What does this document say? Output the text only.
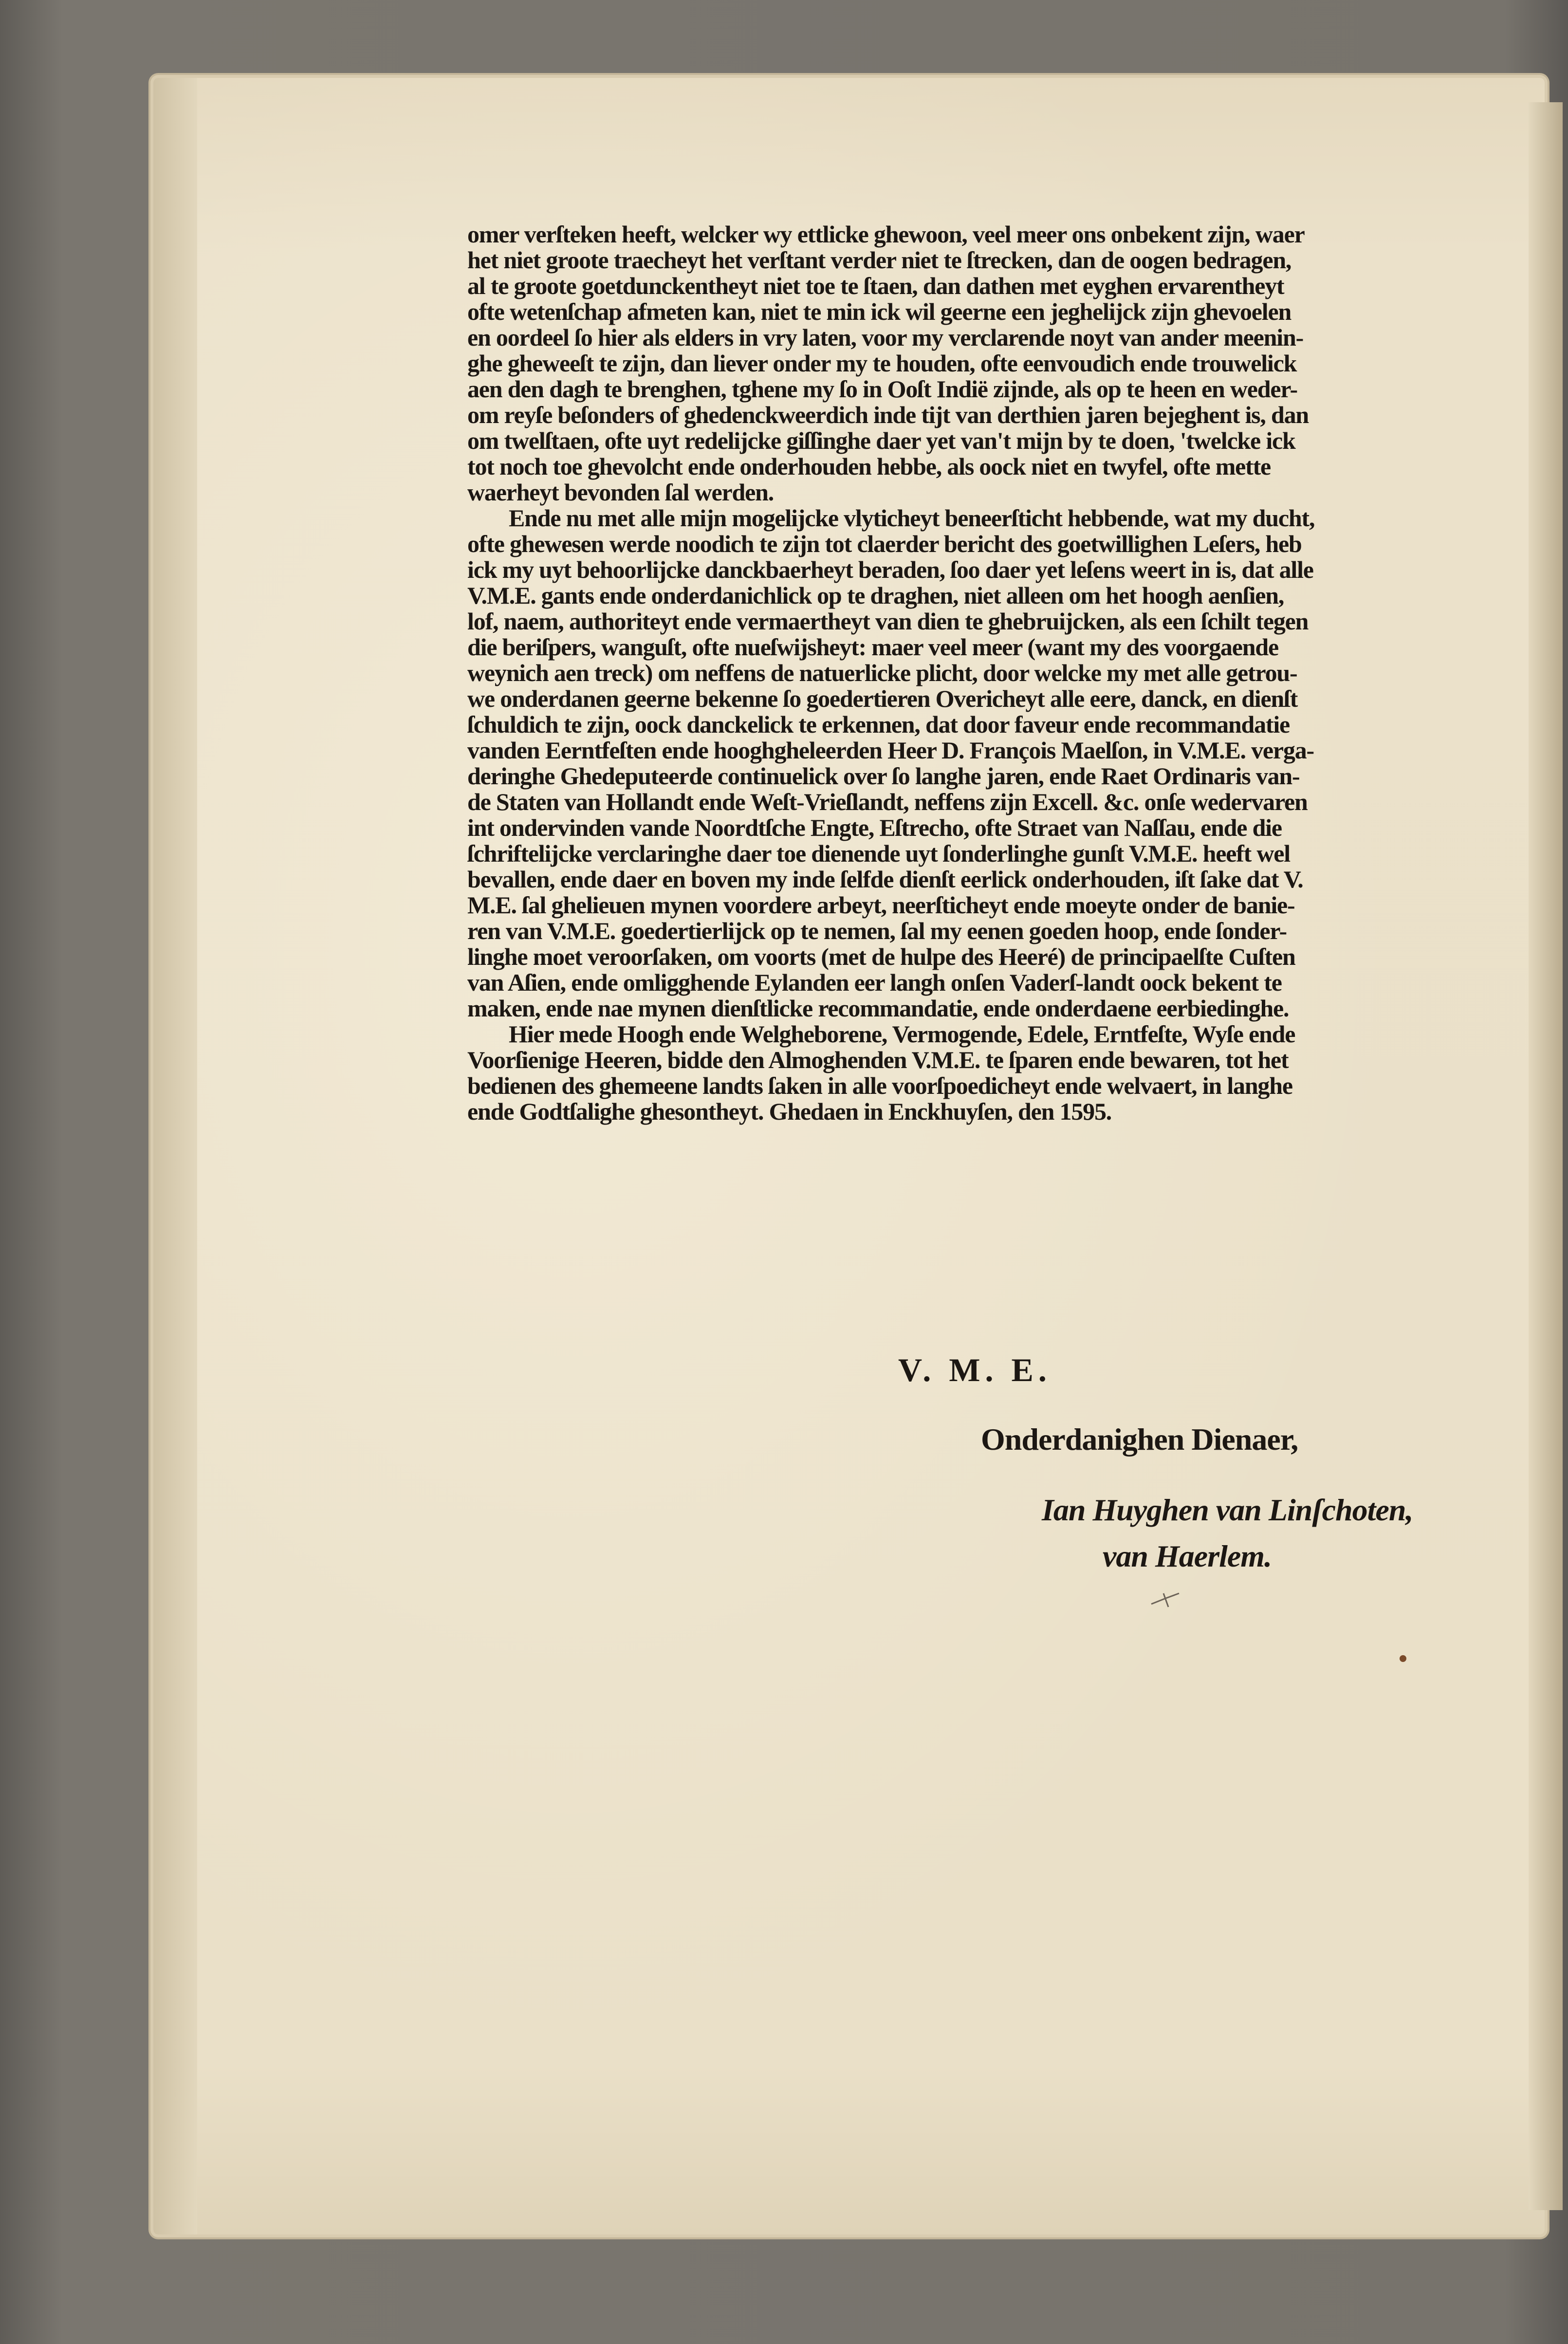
omer verſteken heeft, welcker wy ettlicke ghewoon, veel meer ons onbekent zijn, waer
het niet groote traecheyt het verſtant verder niet te ſtrecken, dan de oogen bedragen,
al te groote goetdunckentheyt niet toe te ſtaen, dan dathen met eyghen ervarentheyt
ofte wetenſchap afmeten kan, niet te min ick wil geerne een jeghelijck zijn ghevoelen
en oordeel ſo hier als elders in vry laten, voor my verclarende noyt van ander meenin-
ghe gheweeſt te zijn, dan liever onder my te houden, ofte eenvoudich ende trouwelick
aen den dagh te brenghen, tghene my ſo in Ooſt Indië zijnde, als op te heen en weder-
om reyſe beſonders of ghedenckweerdich inde tijt van derthien jaren bejeghent is, dan
om twelſtaen, ofte uyt redelijcke giſſinghe daer yet van't mijn by te doen, 'twelcke ick
tot noch toe ghevolcht ende onderhouden hebbe, als oock niet en twyfel, ofte mette
waerheyt bevonden ſal werden.
Ende nu met alle mijn mogelijcke vlyticheyt beneerſticht hebbende, wat my ducht,
ofte ghewesen werde noodich te zijn tot claerder bericht des goetwillighen Leſers, heb
ick my uyt behoorlijcke danckbaerheyt beraden, ſoo daer yet leſens weert in is, dat alle
V.M.E. gants ende onderdanichlick op te draghen, niet alleen om het hoogh aenſien,
lof, naem, authoriteyt ende vermaertheyt van dien te ghebruijcken, als een ſchilt tegen
die beriſpers, wanguſt, ofte nueſwijsheyt: maer veel meer (want my des voorgaende
weynich aen treck) om neffens de natuerlicke plicht, door welcke my met alle getrou-
we onderdanen geerne bekenne ſo goedertieren Overicheyt alle eere, danck, en dienſt
ſchuldich te zijn, oock danckelick te erkennen, dat door faveur ende recommandatie
vanden Eerntfeſten ende hooghgheleerden Heer D. François Maelſon, in V.M.E. verga-
deringhe Ghedeputeerde continuelick over ſo langhe jaren, ende Raet Ordinaris van-
de Staten van Hollandt ende Weſt-Vrieſlandt, neffens zijn Excell. &c. onſe wedervaren
int ondervinden vande Noordtſche Engte, Eſtrecho, ofte Straet van Naſſau, ende die
ſchriftelijcke verclaringhe daer toe dienende uyt ſonderlinghe gunſt V.M.E. heeft wel
bevallen, ende daer en boven my inde ſelfde dienſt eerlick onderhouden, iſt ſake dat V.
M.E. ſal ghelieuen mynen voordere arbeyt, neerſticheyt ende moeyte onder de banie-
ren van V.M.E. goedertierlijck op te nemen, ſal my eenen goeden hoop, ende ſonder-
linghe moet veroorſaken, om voorts (met de hulpe des Heeré) de principaelſte Cuſten
van Aſien, ende omligghende Eylanden eer langh onſen Vaderſ-landt oock bekent te
maken, ende nae mynen dienſtlicke recommandatie, ende onderdaene eerbiedinghe.
Hier mede Hoogh ende Welgheborene, Vermogende, Edele, Erntfeſte, Wyſe ende
Voorſienige Heeren, bidde den Almoghenden V.M.E. te ſparen ende bewaren, tot het
bedienen des ghemeene landts ſaken in alle voorſpoedicheyt ende welvaert, in langhe
ende Godtſalighe ghesontheyt. Ghedaen in Enckhuyſen, den 1595.
V. M. E.
Onderdanighen Dienaer,
Ian Huyghen van Linſchoten,
van Haerlem.
